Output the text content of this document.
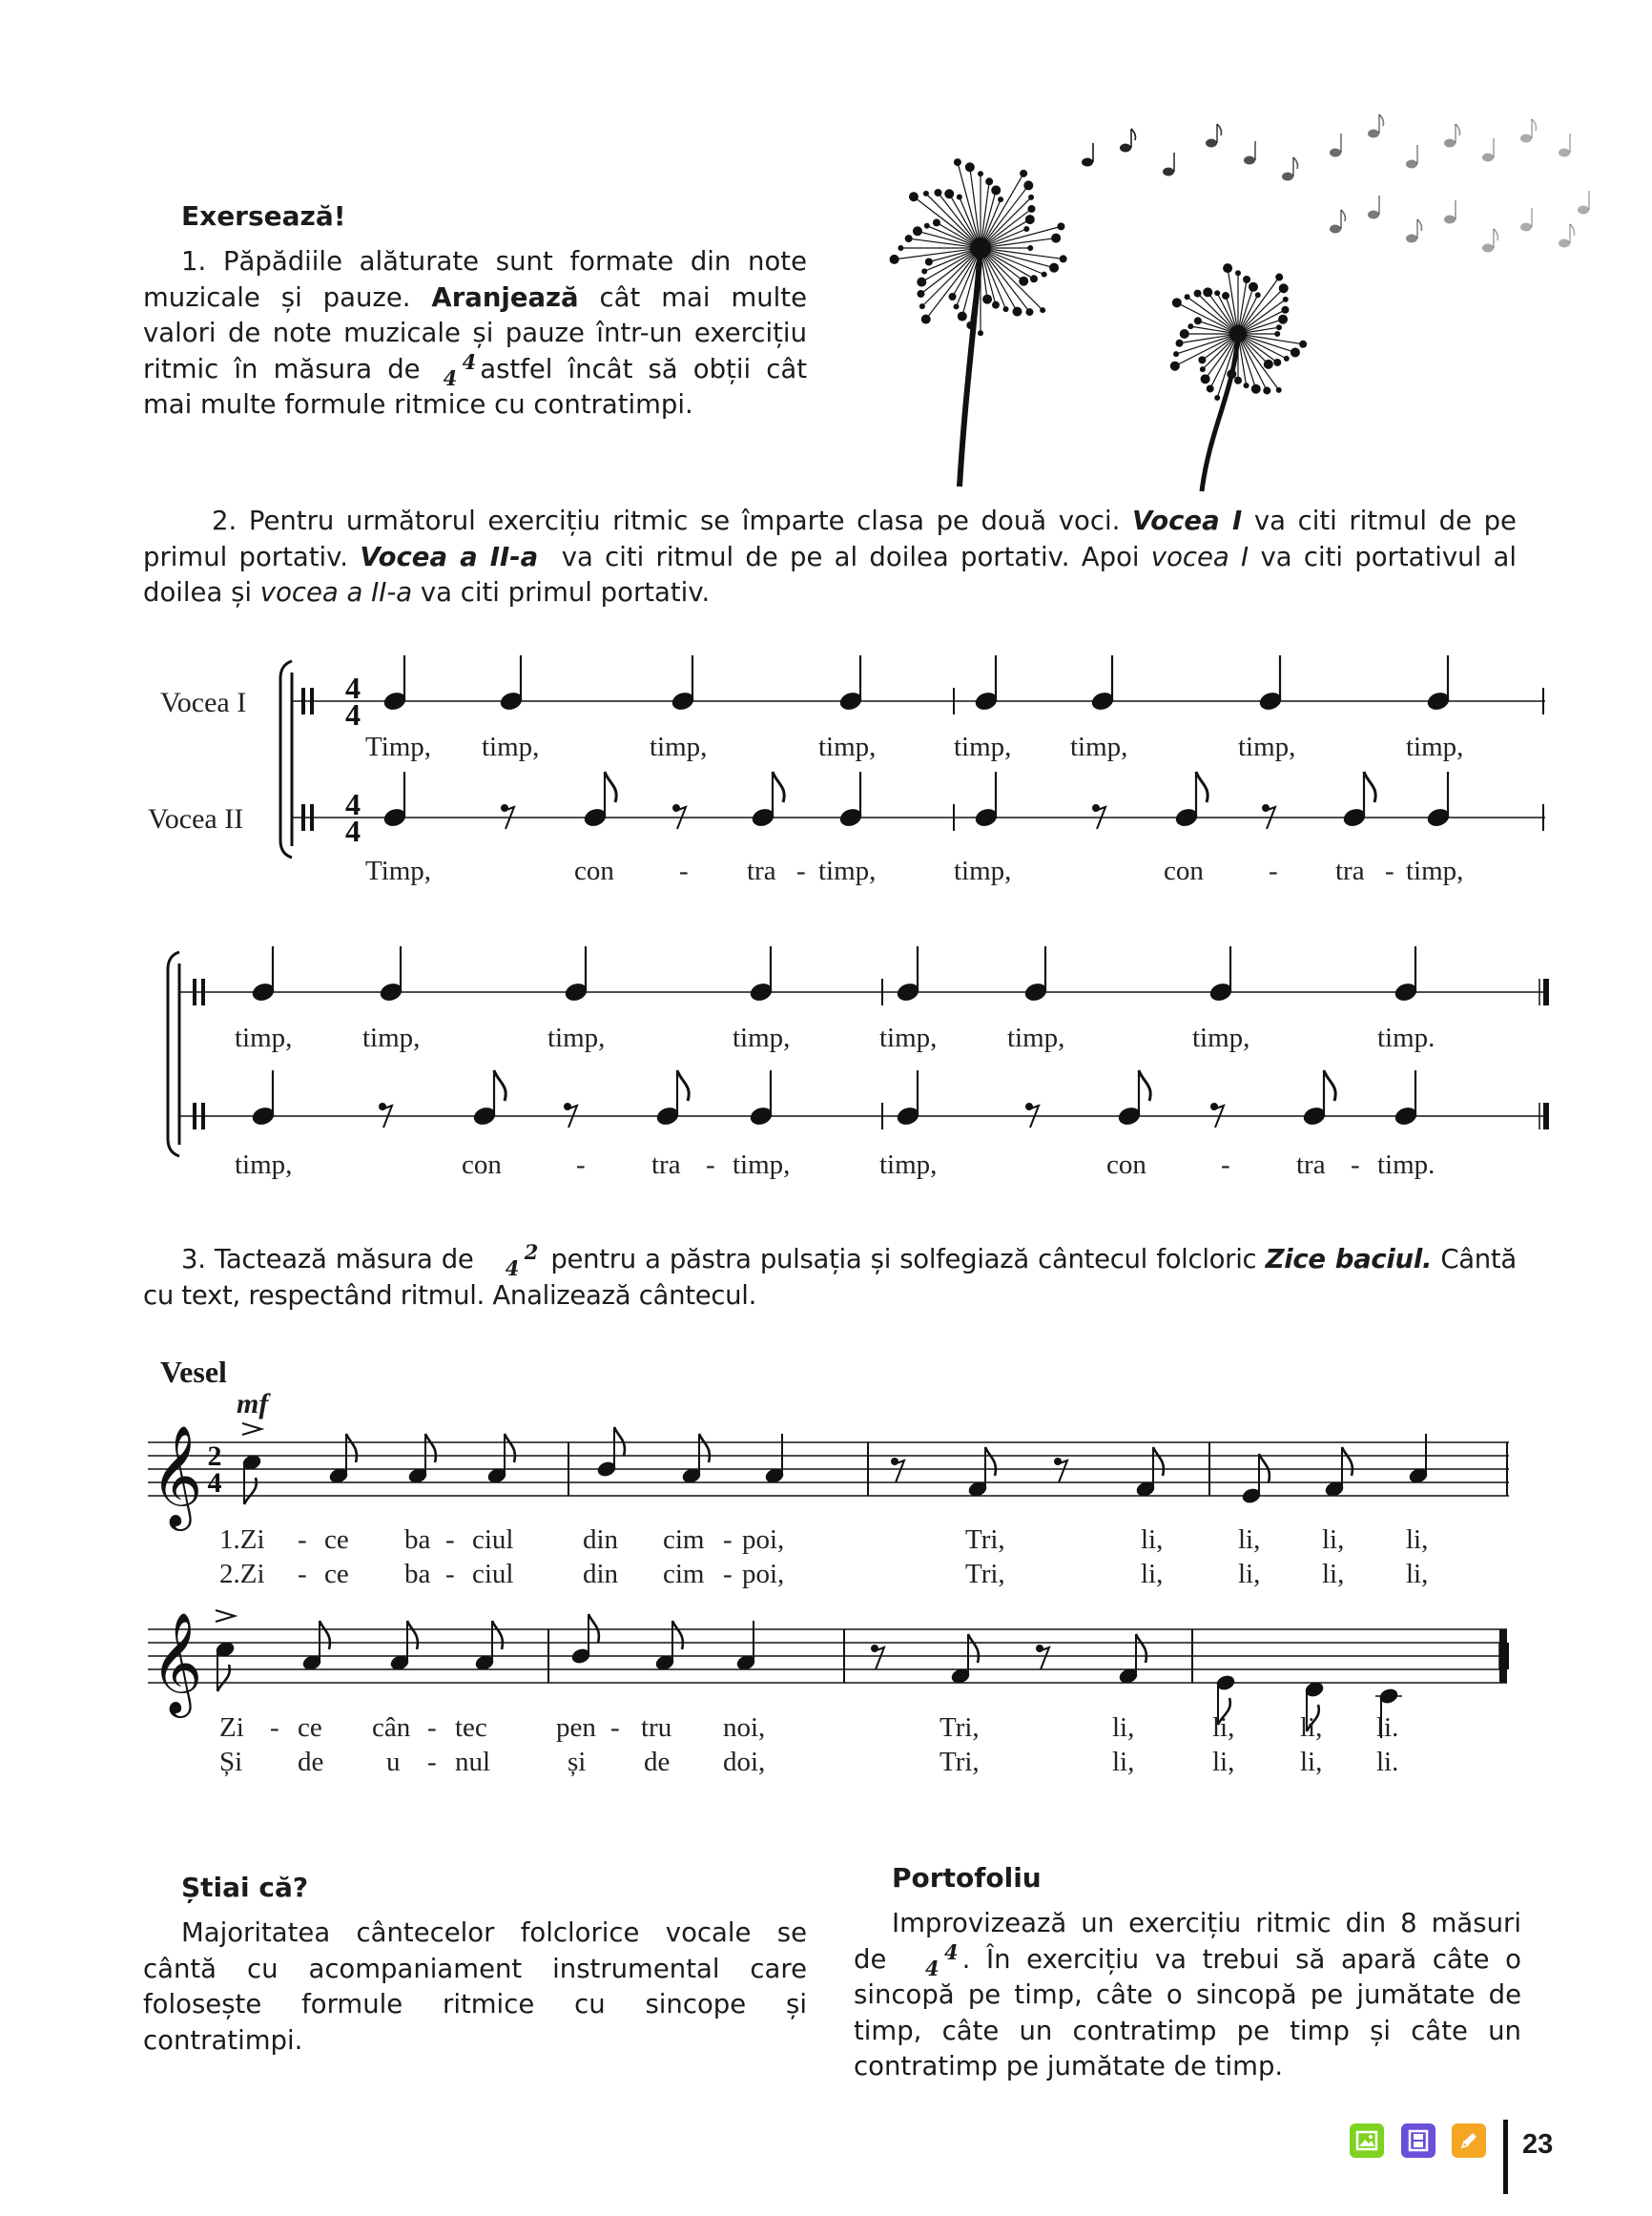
Exersează!

1. Păpădiile alăturate sunt formate din note muzicale și pauze. Aranjează cât mai multe valori de note muzicale și pauze într-un exercițiu ritmic în măsura de 4
4 astfel încât să obții cât mai multe formule ritmice cu contratimpi.

2. Pentru următorul exercițiu ritmic se împarte clasa pe două voci. Vocea I va citi ritmul de pe primul portativ. Vocea a II-a va citi ritmul de pe al doilea portativ. Apoi vocea I va citi portativul al doilea și vocea a II-a va citi primul portativ.

Vocea I
Vocea II
4
4
4
4
𝄞 2
4
𝄞
Timp, timp,	timp,	timp,	timp, timp,	timp,	timp,
Timp,	con - tra - timp,	timp,	con - tra - timp,
timp,	timp,	timp,	timp,	timp,	timp,	timp,	timp.
timp,	con	- tra - timp,	timp,	con	- tra - timp.

3. Tactează măsura de	2
4 pentru a păstra pulsația și solfegiază cântecul folcloric Zice baciul. Cântă cu text, respectând ritmul. Analizează cântecul.

Vesel
mf
1.Zi - ce ba - ciul	din cim - poi,	Tri,	li,	li, li, li,
2.Zi - ce ba - ciul	din cim - poi,	Tri,	li,	li, li, li,
Zi - ce cân - tec pen - tru noi,	Tri,	li,	li, li, li.
Și de u - nul	și de doi,	Tri,	li,	li, li, li.
Știai că?

Majoritatea cântecelor folclorice vocale se cântă cu acompaniament instrumental care folosește formule ritmice cu sincope și contratimpi.

Portofoliu

Improvizează un exercițiu ritmic din 8 măsuri de	4
4 . În exercițiu va trebui să apară câte o sincopă pe timp, câte o sincopă pe jumătate de timp, câte un contratimp pe timp și câte un contratimp pe jumătate de timp.

23
